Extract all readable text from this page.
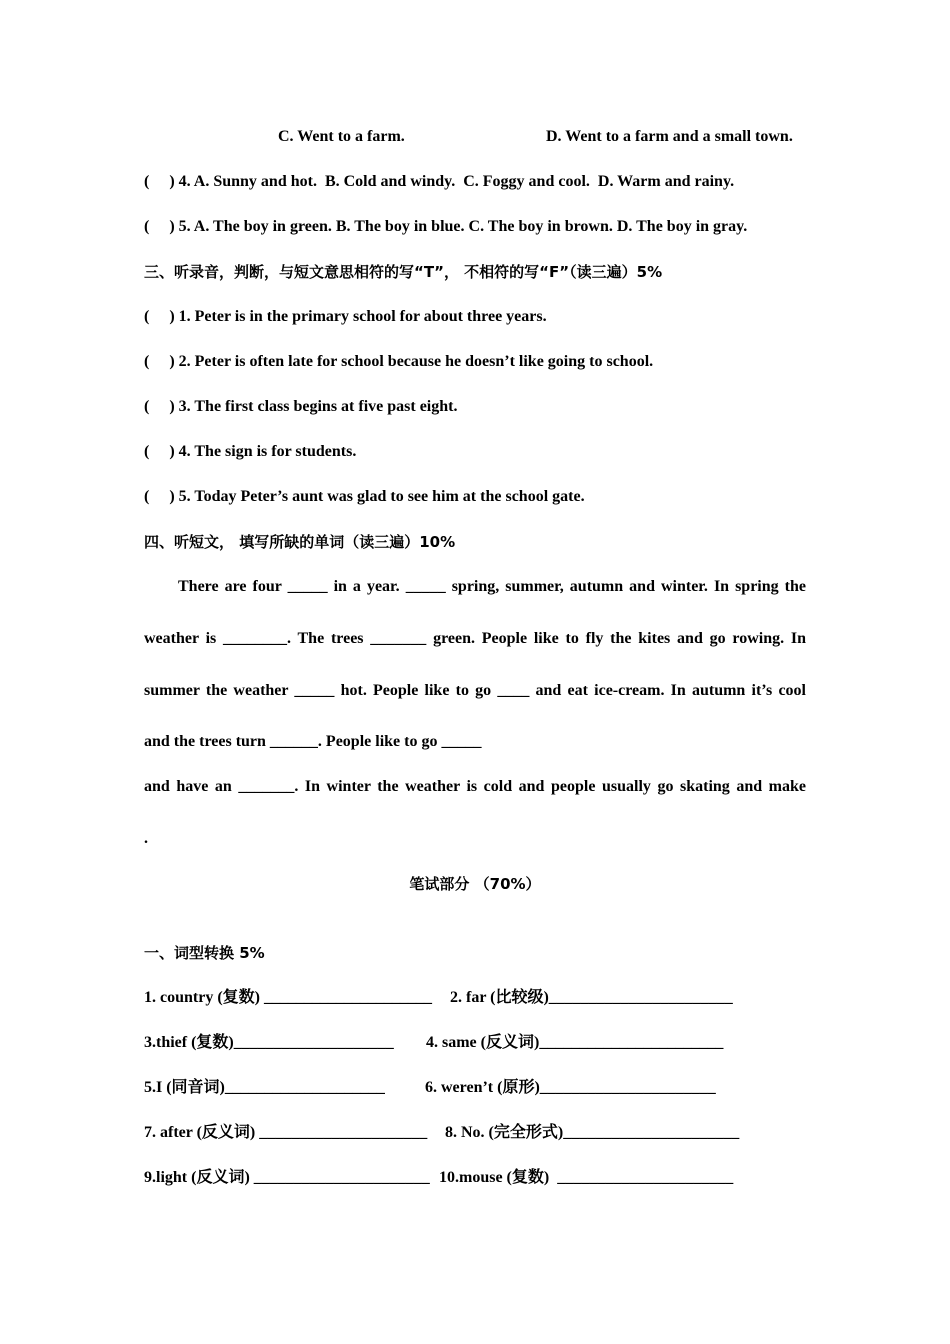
C. Went to a farm.	D. Went to a farm and a small town.
(     ) 4. A. Sunny and hot.  B. Cold and windy.  C. Foggy and cool.  D. Warm and rainy.
(     ) 5. A. The boy in green. B. The boy in blue. C. The boy in brown. D. The boy in gray.
三、听录音，判断，与短文意思相符的写“T”， 不相符的写“F”（读三遍）5%
(     ) 1. Peter is in the primary school for about three years.
(     ) 2. Peter is often late for school because he doesn’t like going to school.
(     ) 3. The first class begins at five past eight.
(     ) 4. The sign is for students.
(     ) 5. Today Peter’s aunt was glad to see him at the school gate.
四、听短文， 填写所缺的单词（读三遍）10%
There are four _____ in a year. _____ spring, summer, autumn and winter. In spring the
weather is ________. The trees _______ green. People like to fly the kites and go rowing. In
summer the weather _____ hot. People like to go ____ and eat ice-cream. In autumn it’s cool
and the trees turn ______. People like to go _____
and have an _______. In winter the weather is cold and people usually go skating and make
.
笔试部分 （70%）
一、词型转换 5%
1. country (复数) _____________________ 2. far (比较级)_______________________
3.thief (复数)____________________ 4. same (反义词)_______________________
5.I (同音词)____________________	6. weren’t (原形)______________________
7. after (反义词) _____________________ 8. No. (完全形式)______________________
9.light (反义词) ______________________ 10.mouse (复数)  ______________________
